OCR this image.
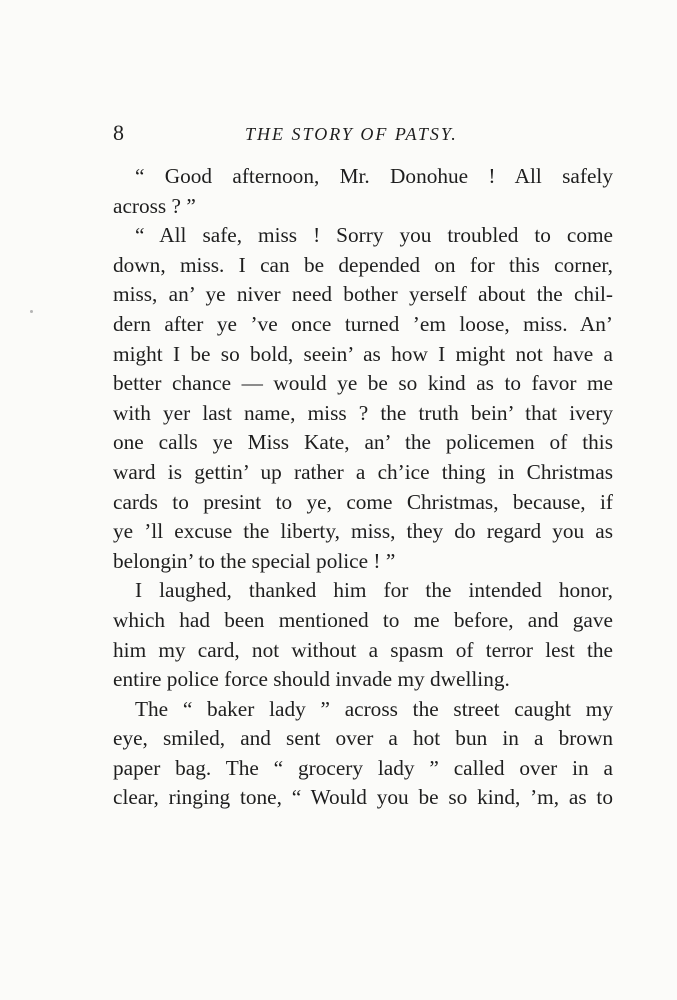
8	THE STORY OF PATSY.

“ Good afternoon, Mr. Donohue ! All safely
across ? ”

“ All safe, miss ! Sorry you troubled to come
down, miss. I can be depended on for this corner,
miss, an’ ye niver need bother yerself about the chil-
dern after ye ’ve once turned ’em loose, miss. An’
might I be so bold, seein’ as how I might not have a
better chance — would ye be so kind as to favor me
with yer last name, miss ? the truth bein’ that ivery
one calls ye Miss Kate, an’ the policemen of this
ward is gettin’ up rather a ch’ice thing in Christmas
cards to presint to ye, come Christmas, because, if
ye ’ll excuse the liberty, miss, they do regard you as
belongin’ to the special police ! ”

I laughed, thanked him for the intended honor,
which had been mentioned to me before, and gave
him my card, not without a spasm of terror lest the
entire police force should invade my dwelling.

The “ baker lady ” across the street caught my
eye, smiled, and sent over a hot bun in a brown
paper bag. The “ grocery lady ” called over in a
clear, ringing tone, “ Would you be so kind, ’m, as to
